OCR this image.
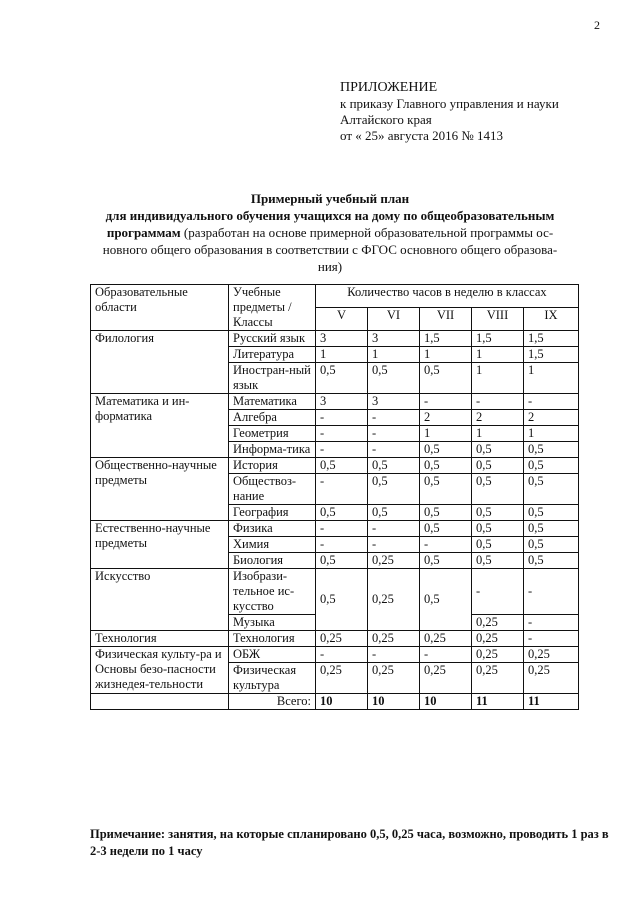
2
ПРИЛОЖЕНИЕ
к приказу Главного управления и науки
Алтайского края
от « 25» августа 2016 № 1413
Примерный учебный план
для индивидуального обучения учащихся на дому по общеобразовательным
программам (разработан на основе примерной образовательной программы ос-
новного общего образования в соответствии с ФГОС основного общего образова-
ния)
Образовательные области	Учебные предметы / Классы	Количество часов в неделю в классах				
		V	VI	VII	VIII	IX
Филология	Русский язык	3	3	1,5	1,5	1,5
	Литература	1	1	1	1	1,5
	Иностран-ный язык	0,5	0,5	0,5	1	1
Математика и ин-форматика	Математика	3	3	-	-	-
	Алгебра	-	-	2	2	2
	Геометрия	-	-	1	1	1
	Информа-тика	-	-	0,5	0,5	0,5
Общественно-научные предметы	История	0,5	0,5	0,5	0,5	0,5
	Обществоз-нание	-	0,5	0,5	0,5	0,5
	География	0,5	0,5	0,5	0,5	0,5
Естественно-научные предметы	Физика	-	-	0,5	0,5	0,5
	Химия	-	-	-	0,5	0,5
	Биология	0,5	0,25	0,5	0,5	0,5
Искусство	Изобрази-тельное ис-кусство	0,5	0,25	0,5	-	-
	Музыка				0,25	-
Технология	Технология	0,25	0,25	0,25	0,25	-
Физическая культу-ра и Основы безо-пасности жизнедея-тельности	ОБЖ	-	-	-	0,25	0,25
	Физическая культура	0,25	0,25	0,25	0,25	0,25
	Всего:	10	10	10	11	11
Примечание: занятия, на которые спланировано 0,5, 0,25 часа, возможно, проводить 1 раз в 2-3 недели по 1 часу
